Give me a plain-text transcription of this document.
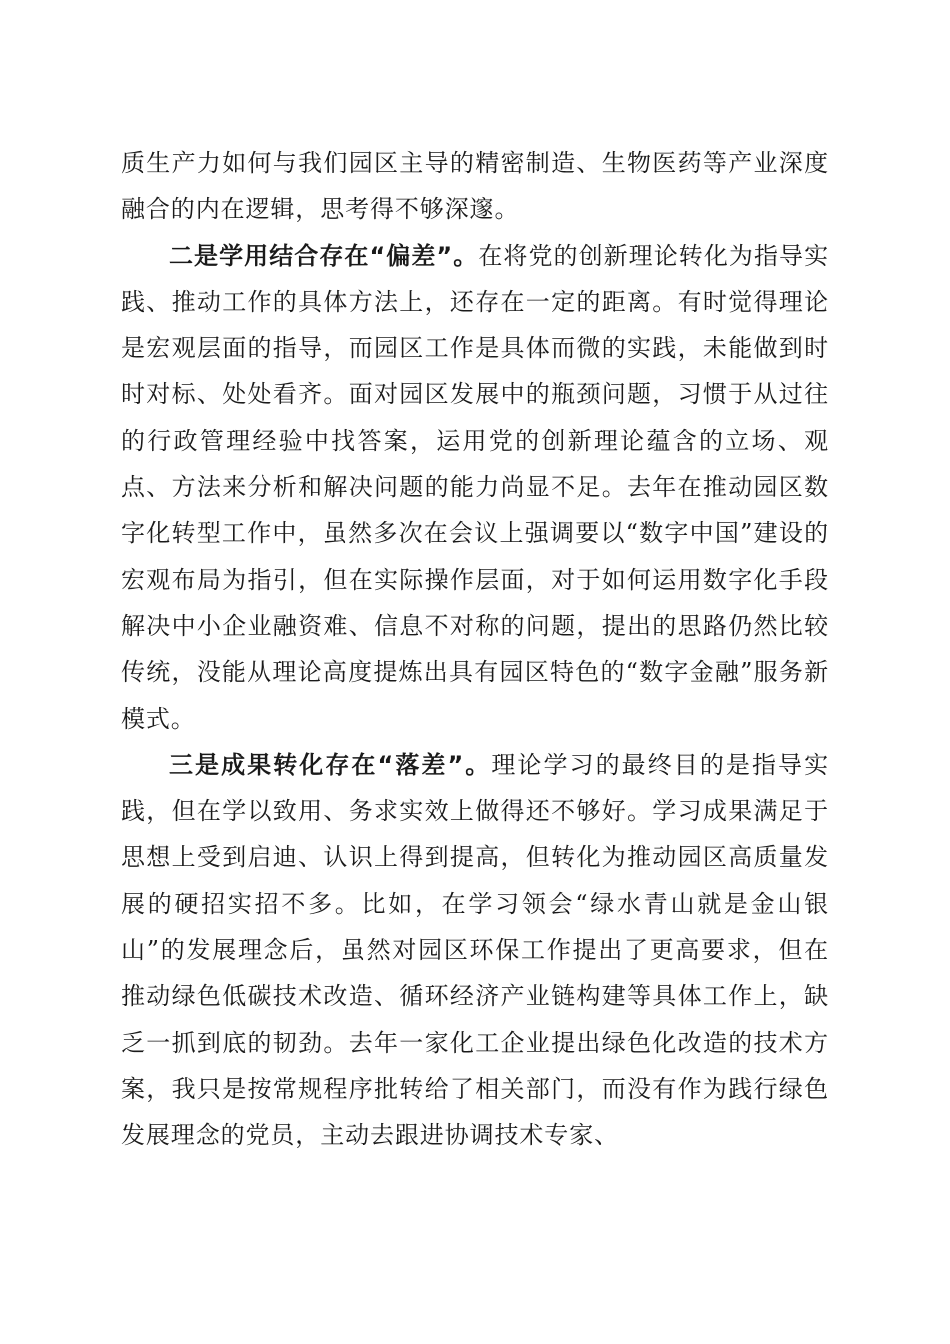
质生产力如何与我们园区主导的精密制造、生物医药等产业深度融合的内在逻辑，思考得不够深邃。

二是学用结合存在“偏差”。在将党的创新理论转化为指导实践、推动工作的具体方法上，还存在一定的距离。有时觉得理论是宏观层面的指导，而园区工作是具体而微的实践，未能做到时时对标、处处看齐。面对园区发展中的瓶颈问题，习惯于从过往的行政管理经验中找答案，运用党的创新理论蕴含的立场、观点、方法来分析和解决问题的能力尚显不足。去年在推动园区数字化转型工作中，虽然多次在会议上强调要以“数字中国”建设的宏观布局为指引，但在实际操作层面，对于如何运用数字化手段解决中小企业融资难、信息不对称的问题，提出的思路仍然比较传统，没能从理论高度提炼出具有园区特色的“数字金融”服务新模式。

三是成果转化存在“落差”。理论学习的最终目的是指导实践，但在学以致用、务求实效上做得还不够好。学习成果满足于思想上受到启迪、认识上得到提高，但转化为推动园区高质量发展的硬招实招不多。比如，在学习领会“绿水青山就是金山银山”的发展理念后，虽然对园区环保工作提出了更高要求，但在推动绿色低碳技术改造、循环经济产业链构建等具体工作上，缺乏一抓到底的韧劲。去年一家化工企业提出绿色化改造的技术方案，我只是按常规程序批转给了相关部门，而没有作为践行绿色发展理念的党员，主动去跟进协调技术专家、
